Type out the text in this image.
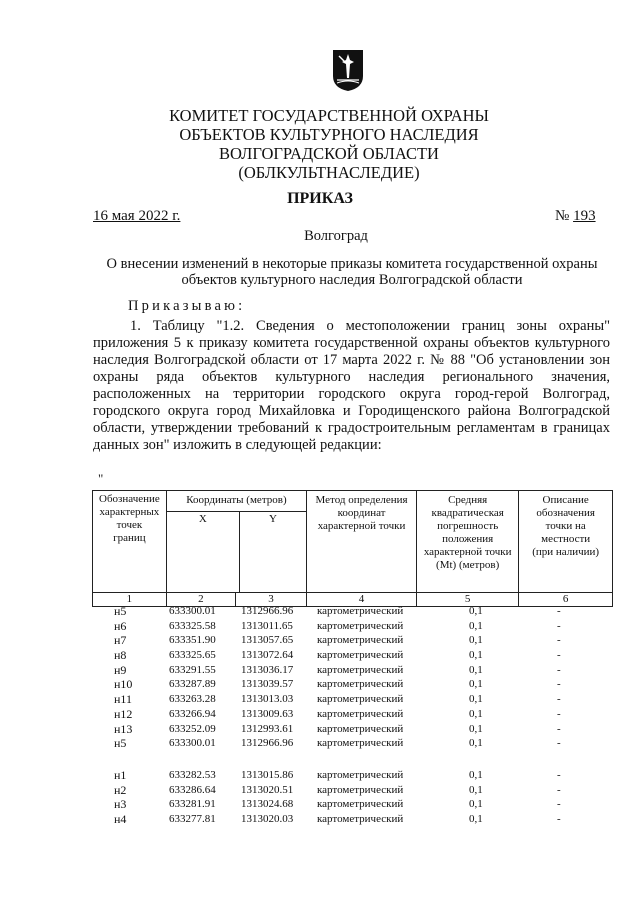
КОМИТЕТ ГОСУДАРСТВЕННОЙ ОХРАНЫ
ОБЪЕКТОВ КУЛЬТУРНОГО НАСЛЕДИЯ
ВОЛГОГРАДСКОЙ ОБЛАСТИ
(ОБЛКУЛЬТНАСЛЕДИЕ)
ПРИКАЗ
16 мая 2022 г.	№ 193
Волгоград
О внесении изменений в некоторые приказы комитета государственной охраны объектов культурного наследия Волгоградской области
Приказываю:

1. Таблицу "1.2. Сведения о местоположении границ зоны охраны" приложения 5 к приказу комитета государственной охраны объектов культурного наследия Волгоградской области от 17 марта 2022 г. № 88 "Об установлении зон охраны ряда объектов культурного наследия регионального значения, расположенных на территории городского округа город-герой Волгоград, городского округа город Михайловка и Городищенского района Волгоградской области, утверждении требований к градостроительным регламентам в границах данных зон" изложить в следующей редакции:

"
Обозначение характерных точек границ	Координаты (метров)
X Y		Метод определения координат характерной точки	Средняя квадратическая погрешность положения характерной точки (Mt) (метров)	Описание обозначения точки на местности (при наличии)
1	2	3	4	5	6
н5	633300.01 1312966.96 картометрический	0,1	-
н6	633325.58 1313011.65 картометрический	0,1	-
н7	633351.90 1313057.65 картометрический	0,1	-
н8	633325.65 1313072.64 картометрический	0,1	-
н9	633291.55 1313036.17 картометрический	0,1	-
н10	633287.89 1313039.57 картометрический	0,1	-
н11	633263.28 1313013.03 картометрический	0,1	-
н12	633266.94 1313009.63 картометрический	0,1	-
н13	633252.09 1312993.61 картометрический	0,1	-
н5	633300.01 1312966.96 картометрический	0,1	-
н1	633282.53 1313015.86 картометрический	0,1	-
н2	633286.64 1313020.51 картометрический	0,1	-
н3	633281.91 1313024.68 картометрический	0,1	-
н4	633277.81 1313020.03 картометрический	0,1	-
